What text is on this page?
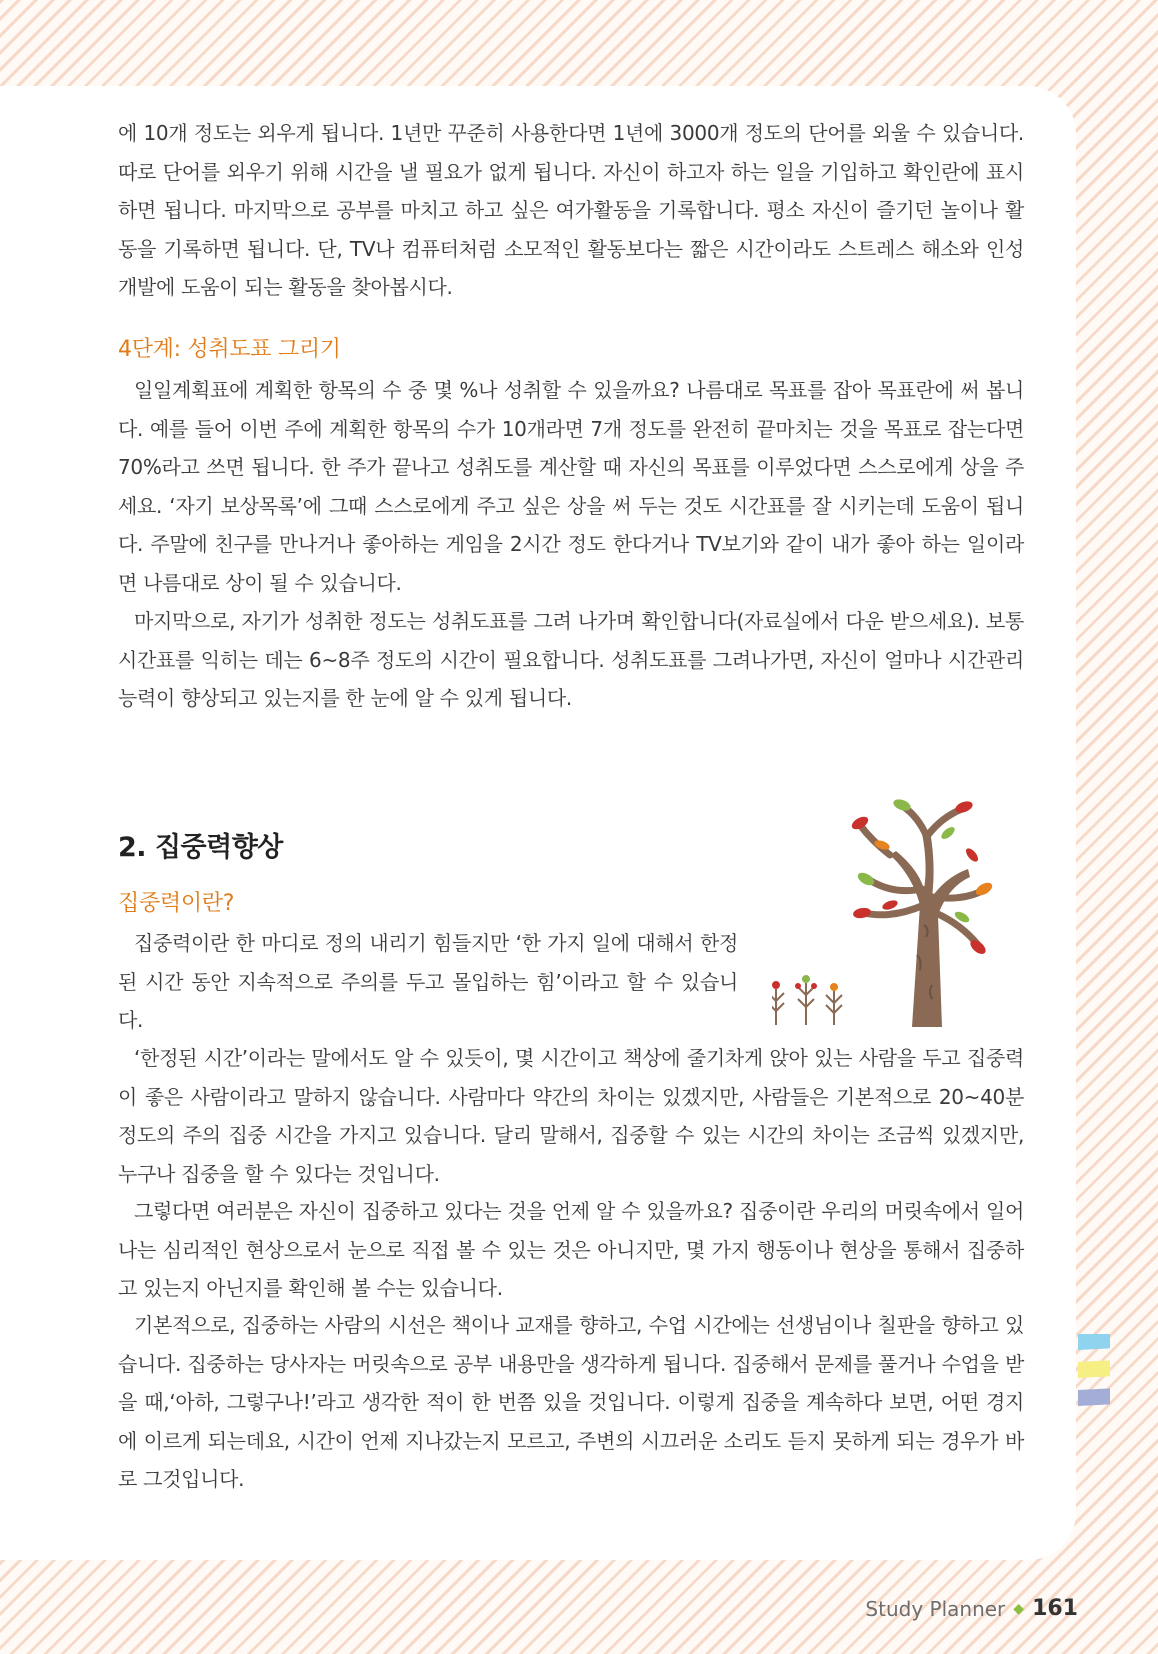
에 10개 정도는 외우게 됩니다. 1년만 꾸준히 사용한다면 1년에 3000개 정도의 단어를 외울 수 있습니다. 따로 단어를 외우기 위해 시간을 낼 필요가 없게 됩니다. 자신이 하고자 하는 일을 기입하고 확인란에 표시하면 됩니다. 마지막으로 공부를 마치고 하고 싶은 여가활동을 기록합니다. 평소 자신이 즐기던 놀이나 활동을 기록하면 됩니다. 단, TV나 컴퓨터처럼 소모적인 활동보다는 짧은 시간이라도 스트레스 해소와 인성개발에 도움이 되는 활동을 찾아봅시다.

4단계: 성취도표 그리기

일일계획표에 계획한 항목의 수 중 몇 %나 성취할 수 있을까요? 나름대로 목표를 잡아 목표란에 써 봅니다. 예를 들어 이번 주에 계획한 항목의 수가 10개라면 7개 정도를 완전히 끝마치는 것을 목표로 잡는다면 70%라고 쓰면 됩니다. 한 주가 끝나고 성취도를 계산할 때 자신의 목표를 이루었다면 스스로에게 상을 주세요. ‘자기 보상목록’에 그때 스스로에게 주고 싶은 상을 써 두는 것도 시간표를 잘 시키는데 도움이 됩니다. 주말에 친구를 만나거나 좋아하는 게임을 2시간 정도 한다거나 TV보기와 같이 내가 좋아 하는 일이라면 나름대로 상이 될 수 있습니다.

마지막으로, 자기가 성취한 정도는 성취도표를 그려 나가며 확인합니다(자료실에서 다운 받으세요). 보통 시간표를 익히는 데는 6~8주 정도의 시간이 필요합니다. 성취도표를 그려나가면, 자신이 얼마나 시간관리 능력이 향상되고 있는지를 한 눈에 알 수 있게 됩니다.

2. 집중력향상
집중력이란?

집중력이란 한 마디로 정의 내리기 힘들지만 ‘한 가지 일에 대해서 한정된 시간 동안 지속적으로 주의를 두고 몰입하는 힘’이라고 할 수 있습니다.

‘한정된 시간’이라는 말에서도 알 수 있듯이, 몇 시간이고 책상에 줄기차게 앉아 있는 사람을 두고 집중력이 좋은 사람이라고 말하지 않습니다. 사람마다 약간의 차이는 있겠지만, 사람들은 기본적으로 20~40분 정도의 주의 집중 시간을 가지고 있습니다. 달리 말해서, 집중할 수 있는 시간의 차이는 조금씩 있겠지만, 누구나 집중을 할 수 있다는 것입니다.

그렇다면 여러분은 자신이 집중하고 있다는 것을 언제 알 수 있을까요? 집중이란 우리의 머릿속에서 일어나는 심리적인 현상으로서 눈으로 직접 볼 수 있는 것은 아니지만, 몇 가지 행동이나 현상을 통해서 집중하고 있는지 아닌지를 확인해 볼 수는 있습니다.

기본적으로, 집중하는 사람의 시선은 책이나 교재를 향하고, 수업 시간에는 선생님이나 칠판을 향하고 있습니다. 집중하는 당사자는 머릿속으로 공부 내용만을 생각하게 됩니다. 집중해서 문제를 풀거나 수업을 받을 때,‘아하, 그렇구나!’라고 생각한 적이 한 번쯤 있을 것입니다. 이렇게 집중을 계속하다 보면, 어떤 경지에 이르게 되는데요, 시간이 언제 지나갔는지 모르고, 주변의 시끄러운 소리도 듣지 못하게 되는 경우가 바로 그것입니다.

Study Planner ◆ 161
